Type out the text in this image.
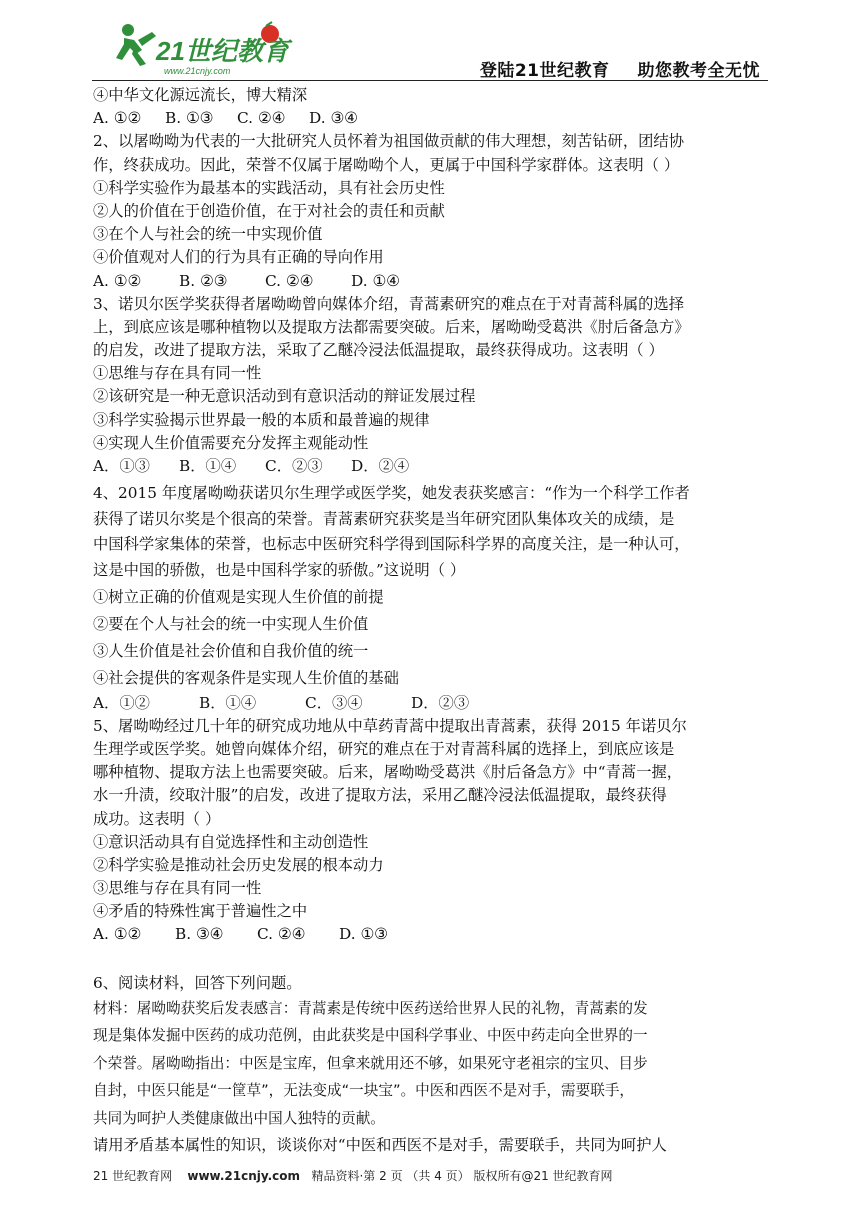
21世纪教育
www.21cnjy.com	登陆21世纪教育 助您教考全无忧
④中华文化源远流长，博大精深
A. ①② B. ①③ C. ②④ D. ③④
2、以屠呦呦为代表的一大批研究人员怀着为祖国做贡献的伟大理想，刻苦钻研，团结协
作，终获成功。因此，荣誉不仅属于屠呦呦个人，更属于中国科学家群体。这表明（ ）
①科学实验作为最基本的实践活动，具有社会历史性
②人的价值在于创造价值，在于对社会的责任和贡献
③在个人与社会的统一中实现价值
④价值观对人们的行为具有正确的导向作用
A. ①② B. ②③ C. ②④ D. ①④
3、诺贝尔医学奖获得者屠呦呦曾向媒体介绍，青蒿素研究的难点在于对青蒿科属的选择
上，到底应该是哪种植物以及提取方法都需要突破。后来，屠呦呦受葛洪《肘后备急方》
的启发，改进了提取方法，采取了乙醚冷浸法低温提取，最终获得成功。这表明（ ）
①思维与存在具有同一性
②该研究是一种无意识活动到有意识活动的辩证发展过程
③科学实验揭示世界最一般的本质和最普遍的规律
④实现人生价值需要充分发挥主观能动性
A．①③ B．①④ C．②③ D．②④
4、2015 年度屠呦呦获诺贝尔生理学或医学奖，她发表获奖感言：“作为一个科学工作者
获得了诺贝尔奖是个很高的荣誉。青蒿素研究获奖是当年研究团队集体攻关的成绩，是
中国科学家集体的荣誉，也标志中医研究科学得到国际科学界的高度关注，是一种认可，
这是中国的骄傲，也是中国科学家的骄傲。”这说明（ ）
①树立正确的价值观是实现人生价值的前提
②要在个人与社会的统一中实现人生价值
③人生价值是社会价值和自我价值的统一
④社会提供的客观条件是实现人生价值的基础
A．①②	B．①④	C．③④	D．②③
5、屠呦呦经过几十年的研究成功地从中草药青蒿中提取出青蒿素，获得 2015 年诺贝尔
生理学或医学奖。她曾向媒体介绍，研究的难点在于对青蒿科属的选择上，到底应该是
哪种植物、提取方法上也需要突破。后来，屠呦呦受葛洪《肘后备急方》中“青蒿一握，
水一升渍，绞取汁服”的启发，改进了提取方法，采用乙醚冷浸法低温提取，最终获得
成功。这表明（ ）
①意识活动具有自觉选择性和主动创造性
②科学实验是推动社会历史发展的根本动力
③思维与存在具有同一性
④矛盾的特殊性寓于普遍性之中
A. ①② B. ③④ C. ②④ D. ①③
6、阅读材料，回答下列问题。
材料：屠呦呦获奖后发表感言：青蒿素是传统中医药送给世界人民的礼物，青蒿素的发
现是集体发掘中医药的成功范例，由此获奖是中国科学事业、中医中药走向全世界的一
个荣誉。屠呦呦指出：中医是宝库，但拿来就用还不够，如果死守老祖宗的宝贝、目步
自封，中医只能是“一筐草”，无法变成“一块宝”。中医和西医不是对手，需要联手，
共同为呵护人类健康做出中国人独特的贡献。
请用矛盾基本属性的知识，谈谈你对“中医和西医不是对手，需要联手，共同为呵护人
21 世纪教育网 www.21cnjy.com 精品资料·第 2 页 （共 4 页） 版权所有@21 世纪教育网
